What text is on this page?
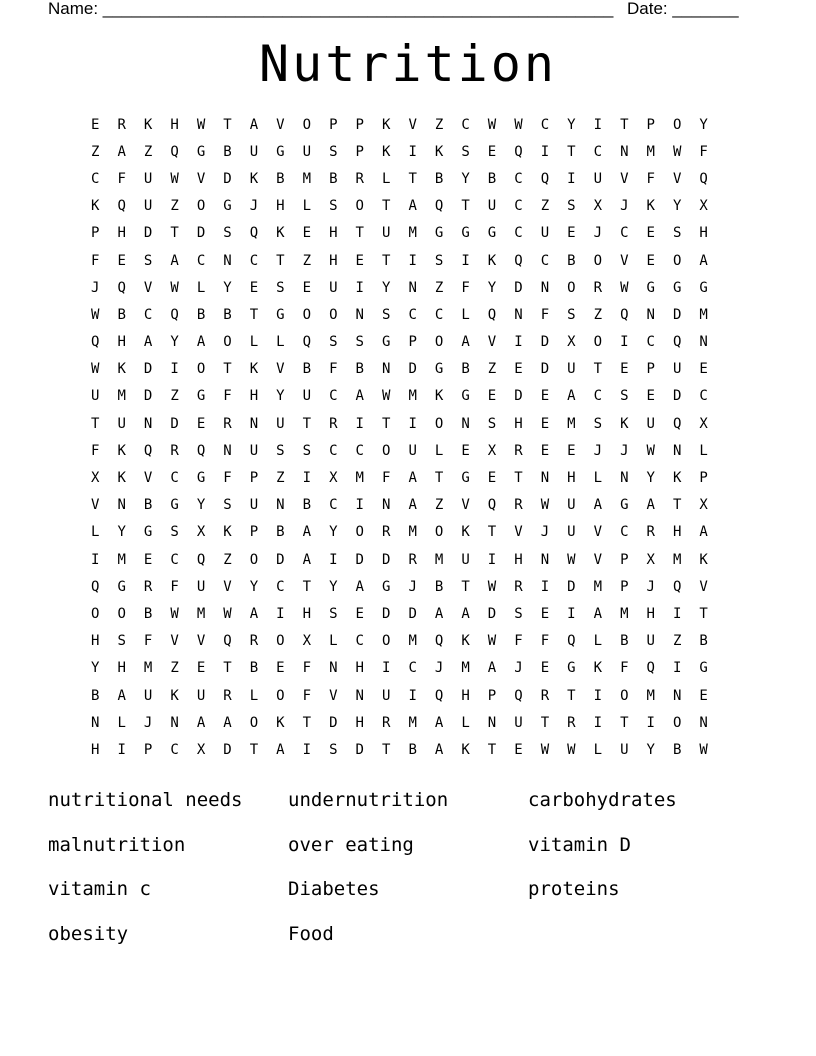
Name: ______________________________________________________ Date: _______
Nutrition
E	R	K	H	W	T	A	V	O	P	P	K	V	Z	C	W	W	C	Y	I	T	P	O	Y
Z	A	Z	Q	G	B	U	G	U	S	P	K	I	K	S	E	Q	I	T	C	N	M	W	F
C	F	U	W	V	D	K	B	M	B	R	L	T	B	Y	B	C	Q	I	U	V	F	V	Q
K	Q	U	Z	O	G	J	H	L	S	O	T	A	Q	T	U	C	Z	S	X	J	K	Y	X
P	H	D	T	D	S	Q	K	E	H	T	U	M	G	G	G	C	U	E	J	C	E	S	H
F	E	S	A	C	N	C	T	Z	H	E	T	I	S	I	K	Q	C	B	O	V	E	O	A
J	Q	V	W	L	Y	E	S	E	U	I	Y	N	Z	F	Y	D	N	O	R	W	G	G	G
W	B	C	Q	B	B	T	G	O	O	N	S	C	C	L	Q	N	F	S	Z	Q	N	D	M
Q	H	A	Y	A	O	L	L	Q	S	S	G	P	O	A	V	I	D	X	O	I	C	Q	N
W	K	D	I	O	T	K	V	B	F	B	N	D	G	B	Z	E	D	U	T	E	P	U	E
U	M	D	Z	G	F	H	Y	U	C	A	W	M	K	G	E	D	E	A	C	S	E	D	C
T	U	N	D	E	R	N	U	T	R	I	T	I	O	N	S	H	E	M	S	K	U	Q	X
F	K	Q	R	Q	N	U	S	S	C	C	O	U	L	E	X	R	E	E	J	J	W	N	L
X	K	V	C	G	F	P	Z	I	X	M	F	A	T	G	E	T	N	H	L	N	Y	K	P
V	N	B	G	Y	S	U	N	B	C	I	N	A	Z	V	Q	R	W	U	A	G	A	T	X
L	Y	G	S	X	K	P	B	A	Y	O	R	M	O	K	T	V	J	U	V	C	R	H	A
I	M	E	C	Q	Z	O	D	A	I	D	D	R	M	U	I	H	N	W	V	P	X	M	K
Q	G	R	F	U	V	Y	C	T	Y	A	G	J	B	T	W	R	I	D	M	P	J	Q	V
O	O	B	W	M	W	A	I	H	S	E	D	D	A	A	D	S	E	I	A	M	H	I	T
H	S	F	V	V	Q	R	O	X	L	C	O	M	Q	K	W	F	F	Q	L	B	U	Z	B
Y	H	M	Z	E	T	B	E	F	N	H	I	C	J	M	A	J	E	G	K	F	Q	I	G
B	A	U	K	U	R	L	O	F	V	N	U	I	Q	H	P	Q	R	T	I	O	M	N	E
N	L	J	N	A	A	O	K	T	D	H	R	M	A	L	N	U	T	R	I	T	I	O	N
H	I	P	C	X	D	T	A	I	S	D	T	B	A	K	T	E	W	W	L	U	Y	B	W
nutritional needs	undernutrition	carbohydrates
malnutrition	over eating	vitamin D
vitamin c	Diabetes	proteins
obesity	Food
